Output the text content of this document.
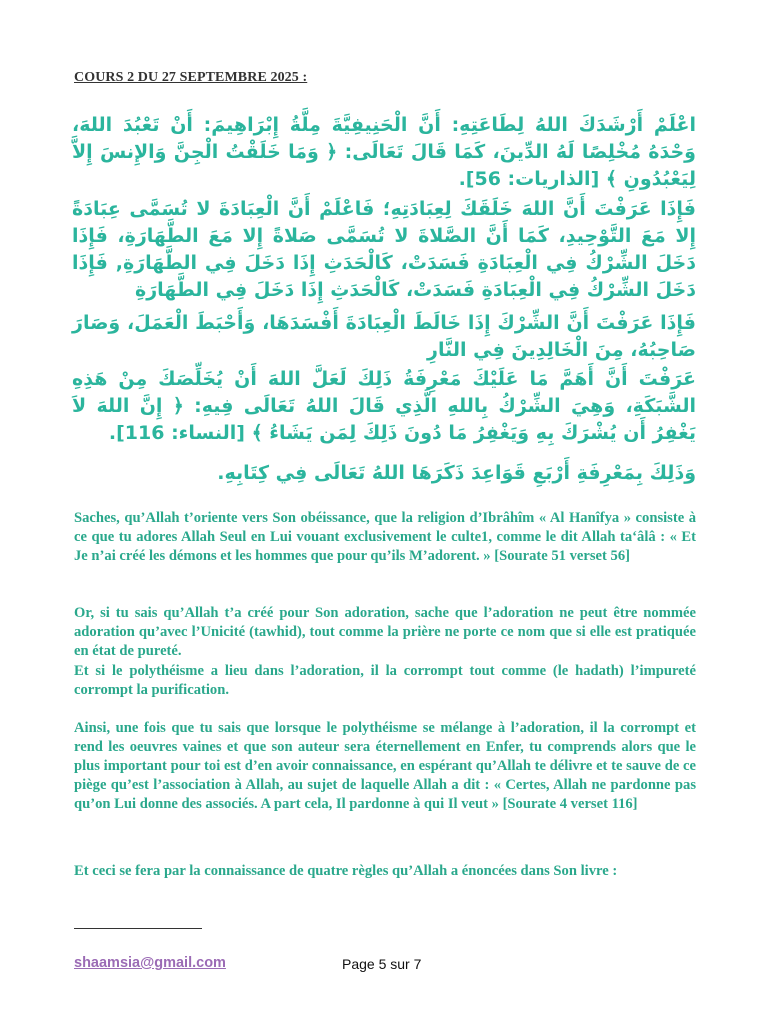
COURS 2 DU 27 SEPTEMBRE 2025 :

اعْلَمْ أَرْشَدَكَ اللهُ لِطَاعَتِهِ: أَنَّ الْحَنِيفِيَّةَ مِلَّةُ إِبْرَاهِيمَ: أَنْ تَعْبُدَ اللهَ، وَحْدَهُ مُخْلِصًا لَهُ الدِّينَ، كَمَا قَالَ تَعَالَى: ﴿ وَمَا خَلَقْتُ الْجِنَّ وَالإِنسَ إِلاَّ لِيَعْبُدُونِ ﴾ [الذاريات: 56].

فَإِذَا عَرَفْتَ أَنَّ اللهَ خَلَقَكَ لِعِبَادَتِهِ؛ فَاعْلَمْ أَنَّ الْعِبَادَةَ لا تُسَمَّى عِبَادَةً إِلا مَعَ التَّوْحِيدِ، كَمَا أَنَّ الصَّلاةَ لا تُسَمَّى صَلاةً إِلا مَعَ الطَّهَارَةِ، فَإِذَا دَخَلَ الشِّرْكُ فِي الْعِبَادَةِ فَسَدَتْ، كَالْحَدَثِ إِذَا دَخَلَ فِي الطَّهَارَةِ, فَإِذَا دَخَلَ الشِّرْكُ فِي الْعِبَادَةِ فَسَدَتْ، كَالْحَدَثِ إِذَا دَخَلَ فِي الطَّهَارَةِ

فَإِذَا عَرَفْتَ أَنَّ الشِّرْكَ إِذَا خَالَطَ الْعِبَادَةَ أَفْسَدَهَا، وَأَحْبَطَ الْعَمَلَ، وَصَارَ صَاحِبُهُ، مِنَ الْخَالِدِينَ فِي النَّارِ

عَرَفْتَ أَنَّ أَهَمَّ مَا عَلَيْكَ مَعْرِفَةُ ذَلِكَ لَعَلَّ اللهَ أَنْ يُخَلِّصَكَ مِنْ هَذِهِ الشَّبَكَةِ، وَهِيَ الشِّرْكُ بِاللهِ الَّذِي قَالَ اللهُ تَعَالَى فِيهِ: ﴿ إِنَّ اللهَ لاَ يَغْفِرُ أَن يُشْرَكَ بِهِ وَيَغْفِرُ مَا دُونَ ذَلِكَ لِمَن يَشَاءُ ﴾ [النساء: 116].

وَذَلِكَ بِمَعْرِفَةِ أَرْبَعِ قَوَاعِدَ ذَكَرَهَا اللهُ تَعَالَى فِي كِتَابِهِ.

Saches, qu’Allah t’oriente vers Son obéissance, que la religion d’Ibrâhîm « Al Hanîfya » consiste à ce que tu adores Allah Seul en Lui vouant exclusivement le culte1, comme le dit Allah ta‘âlâ : « Et Je n’ai créé les démons et les hommes que pour qu’ils M’adorent. » [Sourate 51 verset 56]

Or, si tu sais qu’Allah t’a créé pour Son adoration, sache que l’adoration ne peut être nommée adoration qu’avec l’Unicité (tawhid), tout comme la prière ne porte ce nom que si elle est pratiquée en état de pureté.

Et si le polythéisme a lieu dans l’adoration, il la corrompt tout comme (le hadath) l’impureté corrompt la purification.

Ainsi, une fois que tu sais que lorsque le polythéisme se mélange à l’adoration, il la corrompt et rend les oeuvres vaines et que son auteur sera éternellement en Enfer, tu comprends alors que le plus important pour toi est d’en avoir connaissance, en espérant qu’Allah te délivre et te sauve de ce piège qu’est l’association à Allah, au sujet de laquelle Allah a dit : « Certes, Allah ne pardonne pas qu’on Lui donne des associés. A part cela, Il pardonne à qui Il veut » [Sourate 4 verset 116]

Et ceci se fera par la connaissance de quatre règles qu’Allah a énoncées dans Son livre :

shaamsia@gmail.com	Page 5 sur 7
